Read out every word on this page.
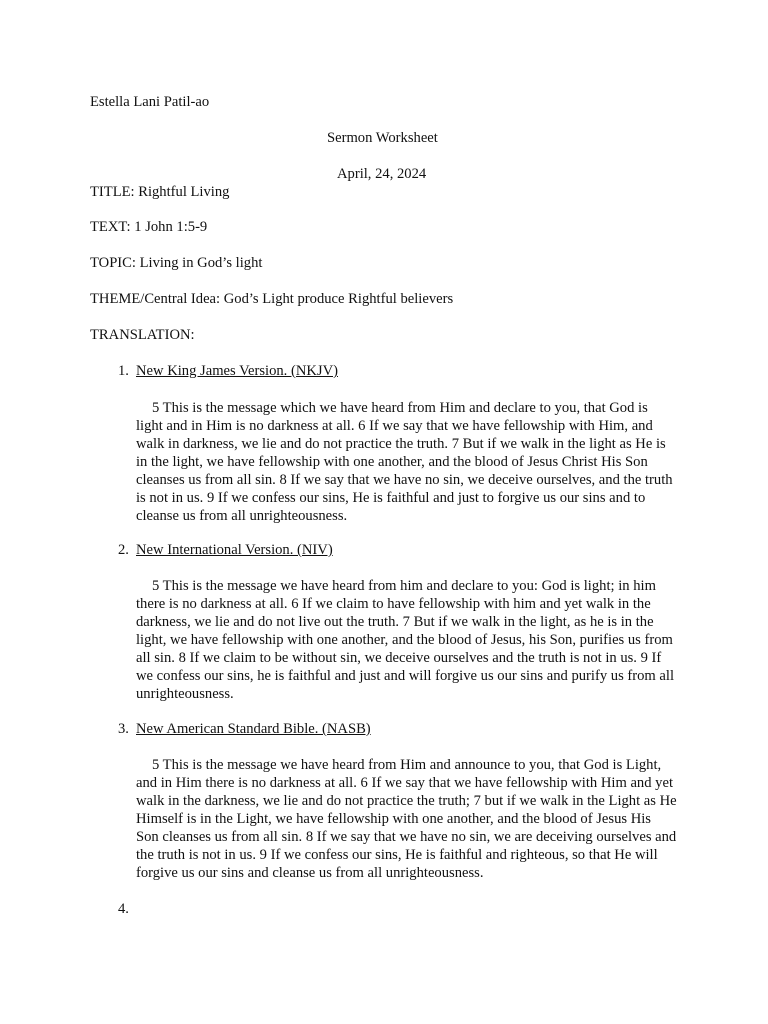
Estella Lani Patil-ao
Sermon Worksheet
April, 24, 2024
TITLE: Rightful Living
TEXT: 1 John 1:5-9
TOPIC: Living in God’s light
THEME/Central Idea: God’s Light produce Rightful believers
TRANSLATION:
1. New King James Version. (NKJV)
5 This is the message which we have heard from Him and declare to you, that God is
light and in Him is no darkness at all. 6 If we say that we have fellowship with Him, and
walk in darkness, we lie and do not practice the truth. 7 But if we walk in the light as He is
in the light, we have fellowship with one another, and the blood of Jesus Christ His Son
cleanses us from all sin. 8 If we say that we have no sin, we deceive ourselves, and the truth
is not in us. 9 If we confess our sins, He is faithful and just to forgive us our sins and to
cleanse us from all unrighteousness.
2. New International Version. (NIV)
5 This is the message we have heard from him and declare to you: God is light; in him
there is no darkness at all. 6 If we claim to have fellowship with him and yet walk in the
darkness, we lie and do not live out the truth. 7 But if we walk in the light, as he is in the
light, we have fellowship with one another, and the blood of Jesus, his Son, purifies us from
all sin. 8 If we claim to be without sin, we deceive ourselves and the truth is not in us. 9 If
we confess our sins, he is faithful and just and will forgive us our sins and purify us from all
unrighteousness.
3. New American Standard Bible. (NASB)
5 This is the message we have heard from Him and announce to you, that God is Light,
and in Him there is no darkness at all. 6 If we say that we have fellowship with Him and yet
walk in the darkness, we lie and do not practice the truth; 7 but if we walk in the Light as He
Himself is in the Light, we have fellowship with one another, and the blood of Jesus His
Son cleanses us from all sin. 8 If we say that we have no sin, we are deceiving ourselves and
the truth is not in us. 9 If we confess our sins, He is faithful and righteous, so that He will
forgive us our sins and cleanse us from all unrighteousness.
4.
